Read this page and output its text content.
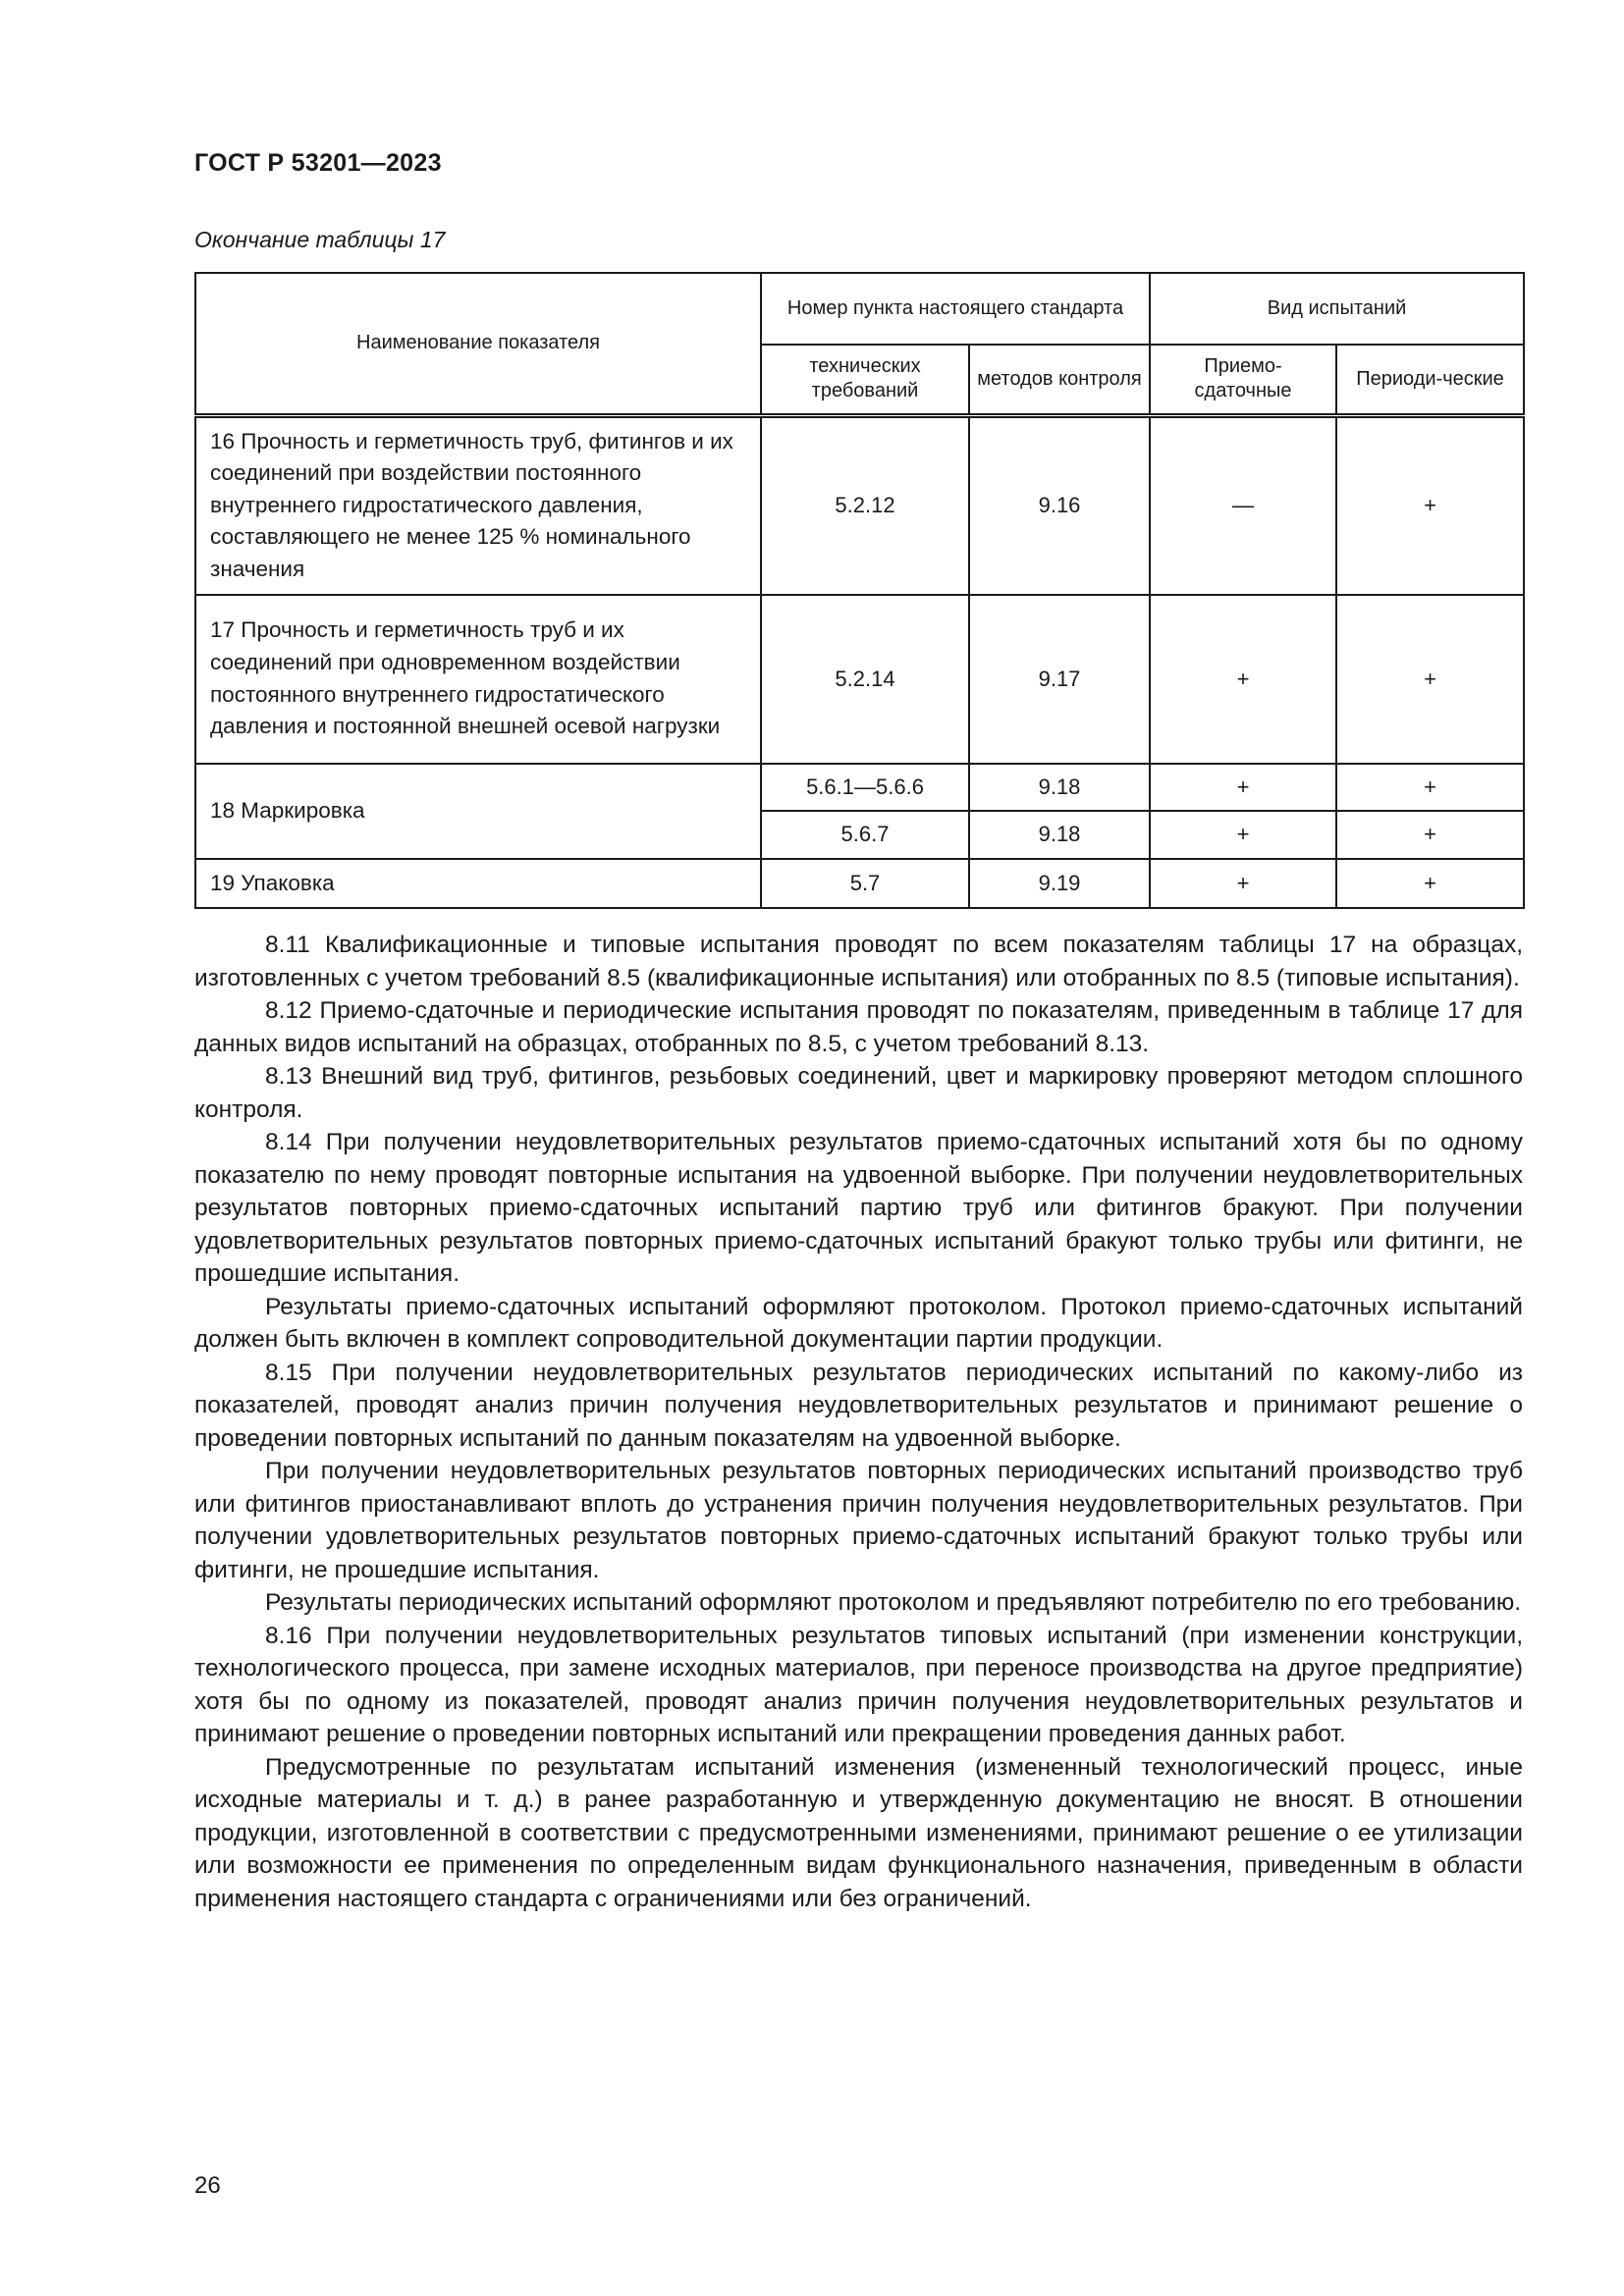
ГОСТ Р 53201—2023
Окончание таблицы 17
Наименование показателя	Номер пункта настоящего стандарта		Вид испытаний	
	технических требований	методов контроля	Приемо-сдаточные	Периоди-ческие
16 Прочность и герметичность труб, фитингов и их соединений при воздействии постоянного внутреннего гидростатического давления, составляющего не менее 125 % номинального значения	5.2.12	9.16	—	+
17 Прочность и герметичность труб и их соединений при одновременном воздействии постоянного внутреннего гидростатического давления и постоянной внешней осевой нагрузки	5.2.14	9.17	+	+
18 Маркировка	5.6.1—5.6.6	9.18	+	+
	5.6.7	9.18	+	+
19 Упаковка	5.7	9.19	+	+

8.11 Квалификационные и типовые испытания проводят по всем показателям таблицы 17 на образцах, изготовленных с учетом требований 8.5 (квалификационные испытания) или отобранных по 8.5 (типовые испытания).

8.12 Приемо-сдаточные и периодические испытания проводят по показателям, приведенным в таблице 17 для данных видов испытаний на образцах, отобранных по 8.5, с учетом требований 8.13.

8.13 Внешний вид труб, фитингов, резьбовых соединений, цвет и маркировку проверяют методом сплошного контроля.

8.14 При получении неудовлетворительных результатов приемо-сдаточных испытаний хотя бы по одному показателю по нему проводят повторные испытания на удвоенной выборке. При получении неудовлетворительных результатов повторных приемо-сдаточных испытаний партию труб или фитингов бракуют. При получении удовлетворительных результатов повторных приемо-сдаточных испытаний бракуют только трубы или фитинги, не прошедшие испытания.

Результаты приемо-сдаточных испытаний оформляют протоколом. Протокол приемо-сдаточных испытаний должен быть включен в комплект сопроводительной документации партии продукции.

8.15 При получении неудовлетворительных результатов периодических испытаний по какому-либо из показателей, проводят анализ причин получения неудовлетворительных результатов и принимают решение о проведении повторных испытаний по данным показателям на удвоенной выборке.

При получении неудовлетворительных результатов повторных периодических испытаний производство труб или фитингов приостанавливают вплоть до устранения причин получения неудовлетворительных результатов. При получении удовлетворительных результатов повторных приемо-сдаточных испытаний бракуют только трубы или фитинги, не прошедшие испытания.

Результаты периодических испытаний оформляют протоколом и предъявляют потребителю по его требованию.

8.16 При получении неудовлетворительных результатов типовых испытаний (при изменении конструкции, технологического процесса, при замене исходных материалов, при переносе производства на другое предприятие) хотя бы по одному из показателей, проводят анализ причин получения неудовлетворительных результатов и принимают решение о проведении повторных испытаний или прекращении проведения данных работ.

Предусмотренные по результатам испытаний изменения (измененный технологический процесс, иные исходные материалы и т. д.) в ранее разработанную и утвержденную документацию не вносят. В отношении продукции, изготовленной в соответствии с предусмотренными изменениями, принимают решение о ее утилизации или возможности ее применения по определенным видам функционального назначения, приведенным в области применения настоящего стандарта с ограничениями или без ограничений.

26
